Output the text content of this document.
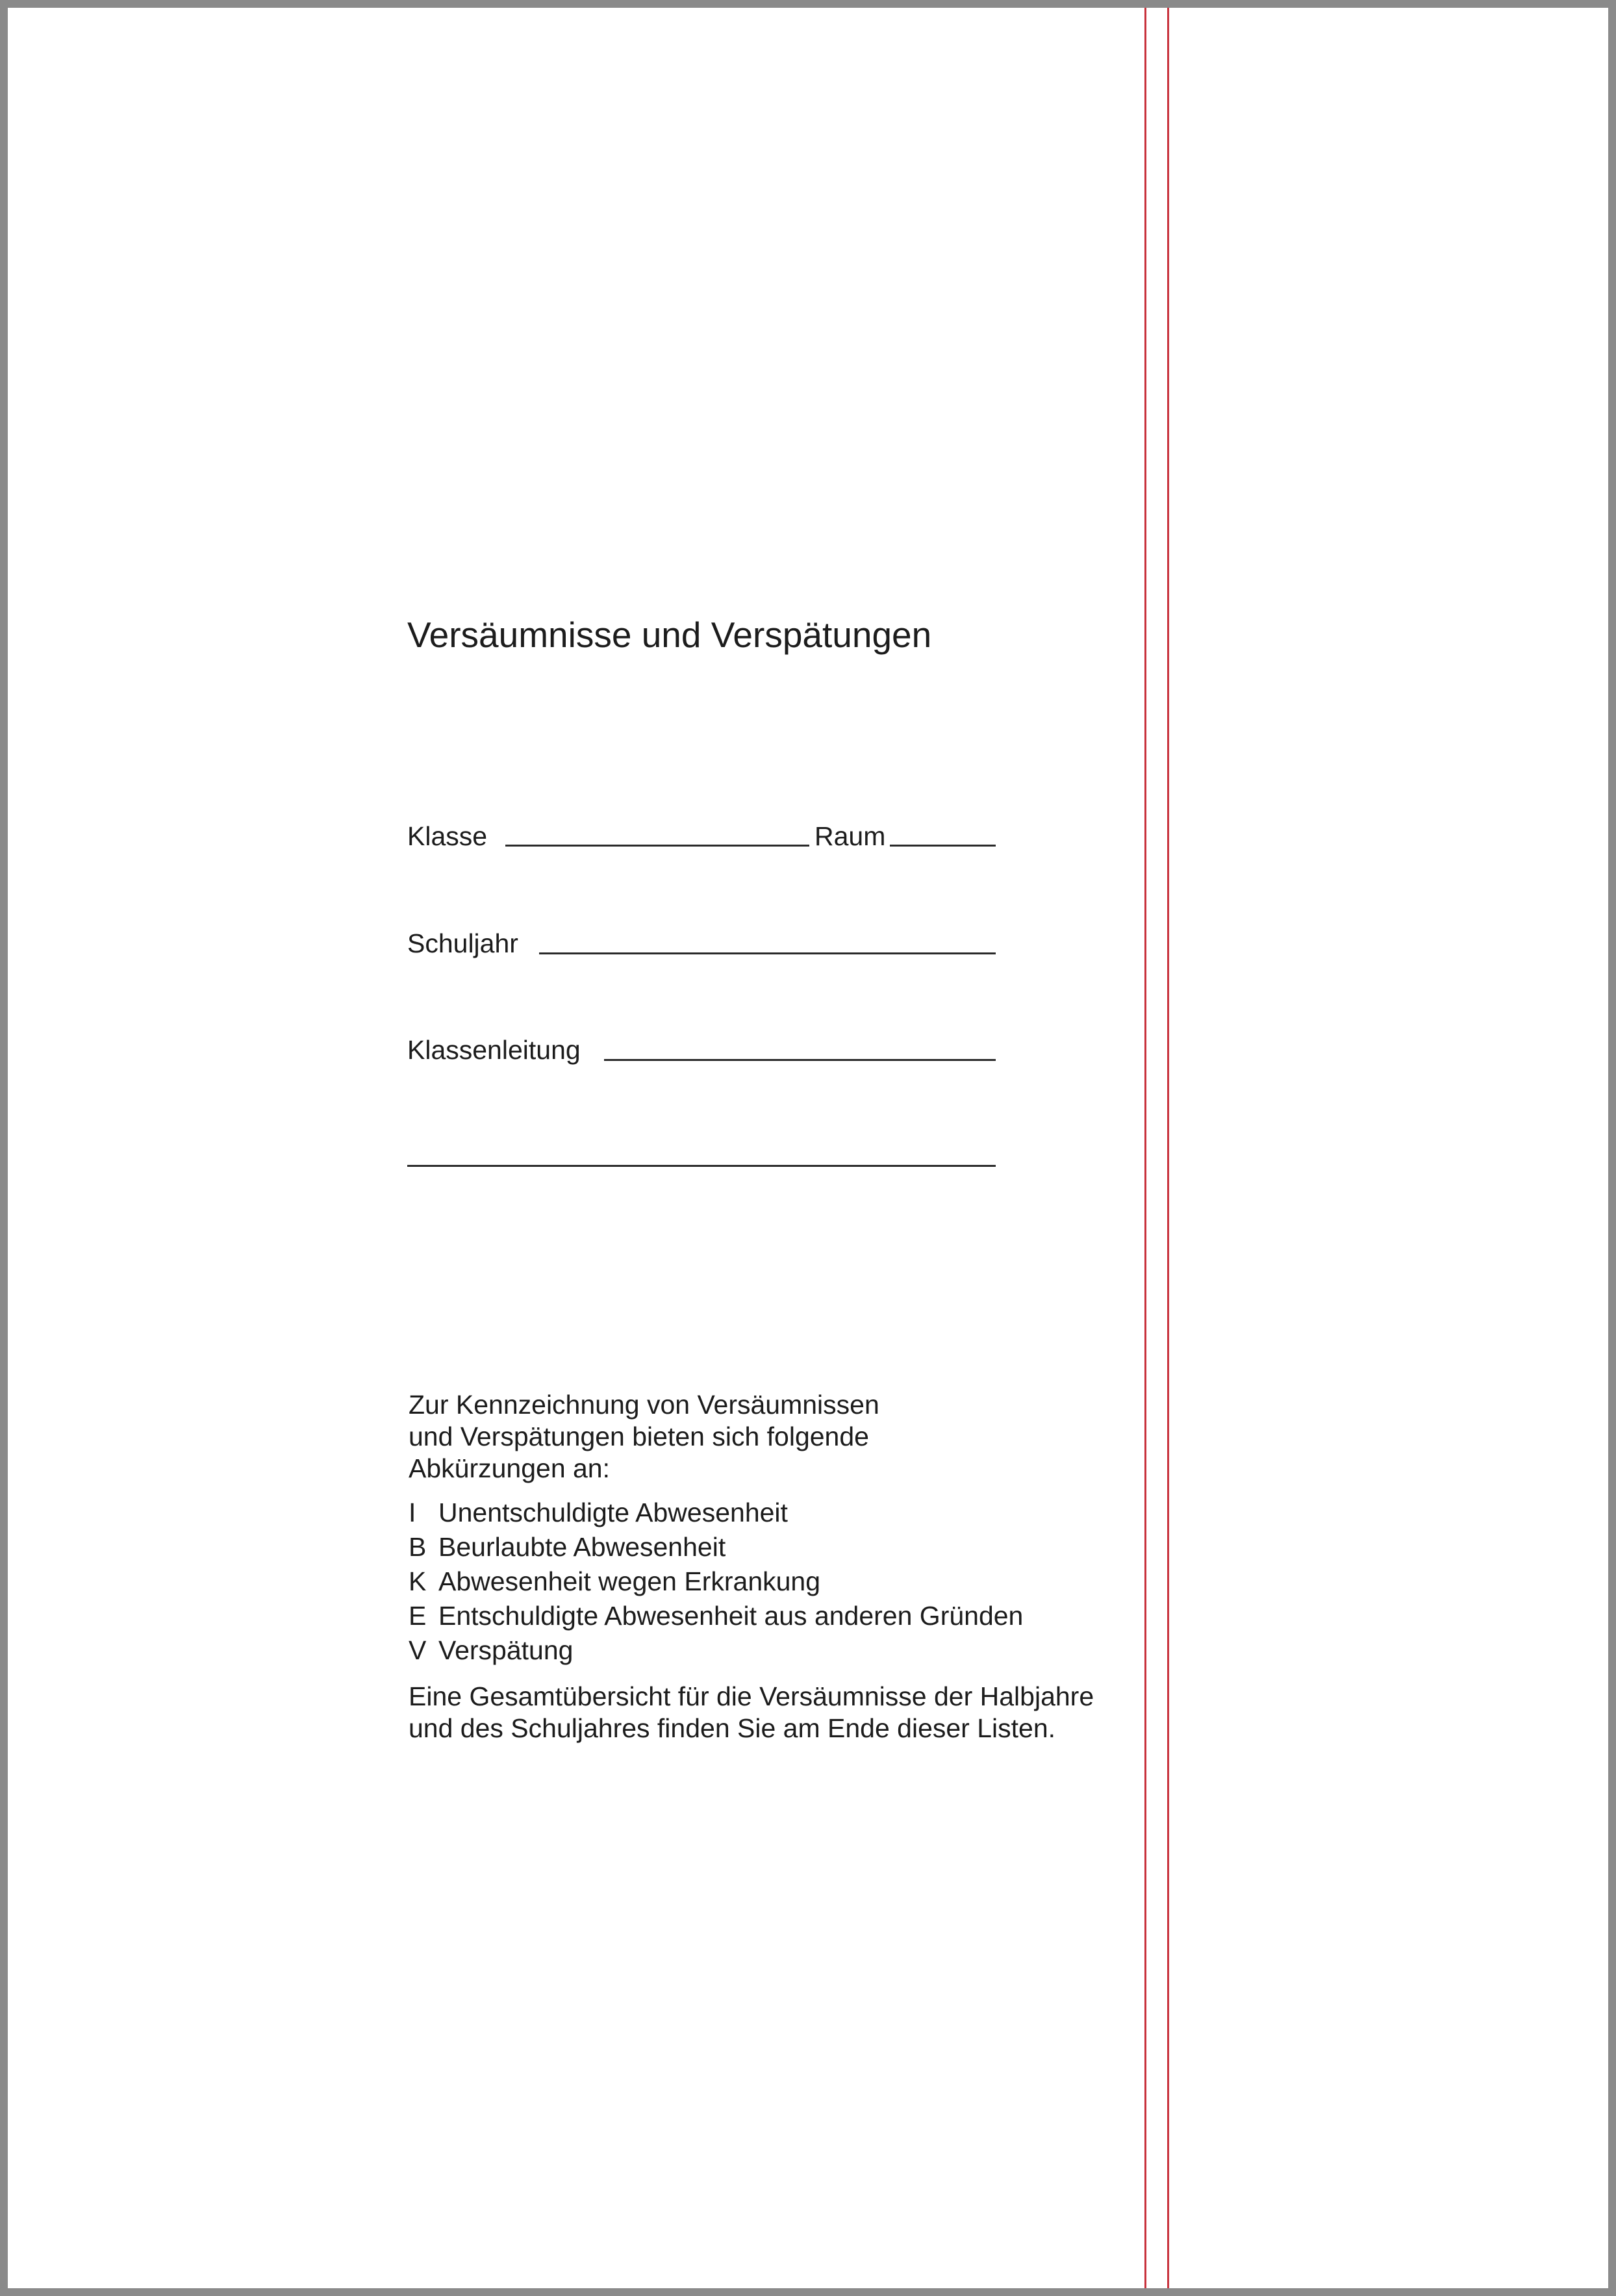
Versäumnisse und Verspätungen
Klasse	Raum
Schuljahr
Klassenleitung
Zur Kennzeichnung von Versäumnissen
und Verspätungen bieten sich folgende
Abkürzungen an:
I Unentschuldigte Abwesenheit
B Beurlaubte Abwesenheit
K Abwesenheit wegen Erkrankung
E Entschuldigte Abwesenheit aus anderen Gründen
V Verspätung
Eine Gesamtübersicht für die Versäumnisse der Halbjahre
und des Schuljahres finden Sie am Ende dieser Listen.
